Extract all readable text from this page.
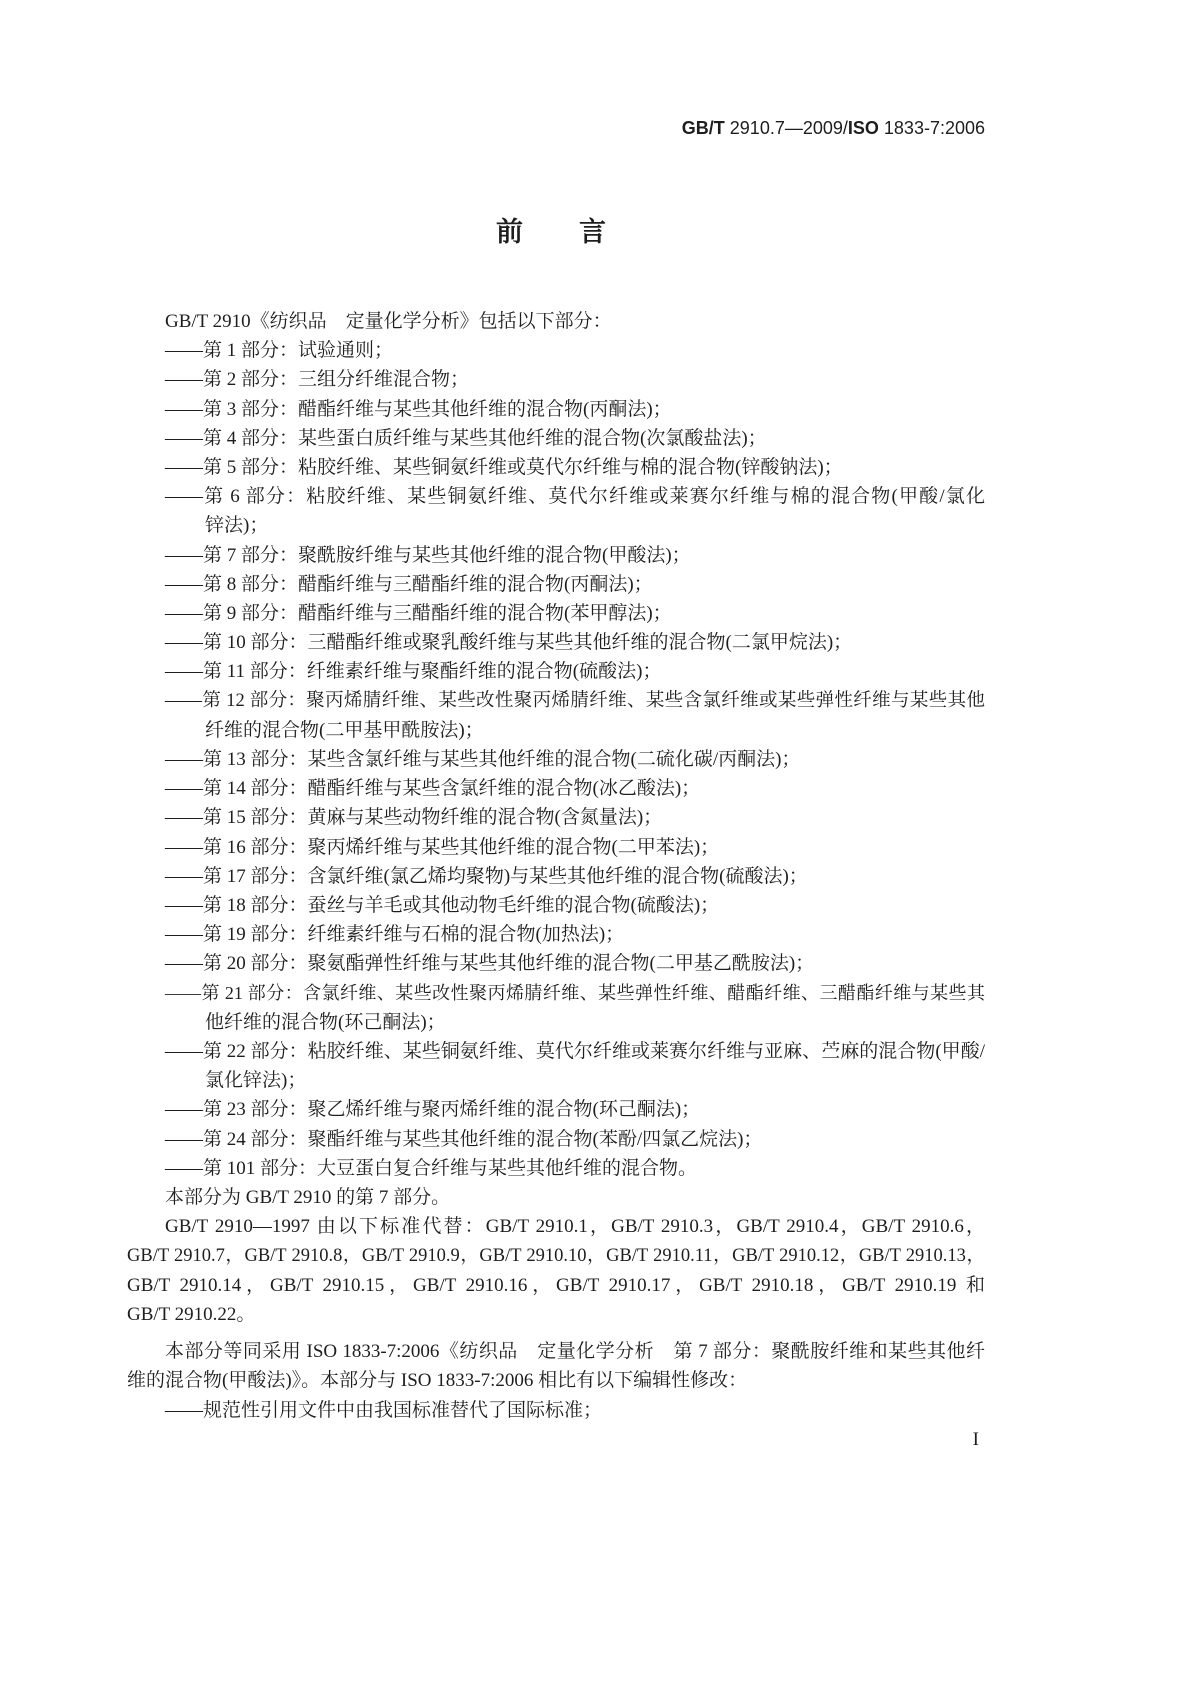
GB/T 2910.7—2009/ISO 1833-7:2006
前言
GB/T 2910《纺织品　定量化学分析》包括以下部分：
——第 1 部分：试验通则；
——第 2 部分：三组分纤维混合物；
——第 3 部分：醋酯纤维与某些其他纤维的混合物(丙酮法)；
——第 4 部分：某些蛋白质纤维与某些其他纤维的混合物(次氯酸盐法)；
——第 5 部分：粘胶纤维、某些铜氨纤维或莫代尔纤维与棉的混合物(锌酸钠法)；
——第 6 部分：粘胶纤维、某些铜氨纤维、莫代尔纤维或莱赛尔纤维与棉的混合物(甲酸/氯化
锌法)；
——第 7 部分：聚酰胺纤维与某些其他纤维的混合物(甲酸法)；
——第 8 部分：醋酯纤维与三醋酯纤维的混合物(丙酮法)；
——第 9 部分：醋酯纤维与三醋酯纤维的混合物(苯甲醇法)；
——第 10 部分：三醋酯纤维或聚乳酸纤维与某些其他纤维的混合物(二氯甲烷法)；
——第 11 部分：纤维素纤维与聚酯纤维的混合物(硫酸法)；
——第 12 部分：聚丙烯腈纤维、某些改性聚丙烯腈纤维、某些含氯纤维或某些弹性纤维与某些其他
纤维的混合物(二甲基甲酰胺法)；
——第 13 部分：某些含氯纤维与某些其他纤维的混合物(二硫化碳/丙酮法)；
——第 14 部分：醋酯纤维与某些含氯纤维的混合物(冰乙酸法)；
——第 15 部分：黄麻与某些动物纤维的混合物(含氮量法)；
——第 16 部分：聚丙烯纤维与某些其他纤维的混合物(二甲苯法)；
——第 17 部分：含氯纤维(氯乙烯均聚物)与某些其他纤维的混合物(硫酸法)；
——第 18 部分：蚕丝与羊毛或其他动物毛纤维的混合物(硫酸法)；
——第 19 部分：纤维素纤维与石棉的混合物(加热法)；
——第 20 部分：聚氨酯弹性纤维与某些其他纤维的混合物(二甲基乙酰胺法)；
——第 21 部分：含氯纤维、某些改性聚丙烯腈纤维、某些弹性纤维、醋酯纤维、三醋酯纤维与某些其
他纤维的混合物(环己酮法)；
——第 22 部分：粘胶纤维、某些铜氨纤维、莫代尔纤维或莱赛尔纤维与亚麻、苎麻的混合物(甲酸/
氯化锌法)；
——第 23 部分：聚乙烯纤维与聚丙烯纤维的混合物(环己酮法)；
——第 24 部分：聚酯纤维与某些其他纤维的混合物(苯酚/四氯乙烷法)；
——第 101 部分：大豆蛋白复合纤维与某些其他纤维的混合物。
本部分为 GB/T 2910 的第 7 部分。
GB/T 2910—1997 由以下标准代替：GB/T 2910.1，GB/T 2910.3，GB/T 2910.4，GB/T 2910.6，
GB/T 2910.7，GB/T 2910.8，GB/T 2910.9，GB/T 2910.10，GB/T 2910.11，GB/T 2910.12，GB/T 2910.13，
GB/T 2910.14，GB/T 2910.15，GB/T 2910.16，GB/T 2910.17，GB/T 2910.18，GB/T 2910.19 和
GB/T 2910.22。
本部分等同采用 ISO 1833-7:2006《纺织品　定量化学分析　第 7 部分：聚酰胺纤维和某些其他纤
维的混合物(甲酸法)》。本部分与 ISO 1833-7:2006 相比有以下编辑性修改：
——规范性引用文件中由我国标准替代了国际标准；
I
